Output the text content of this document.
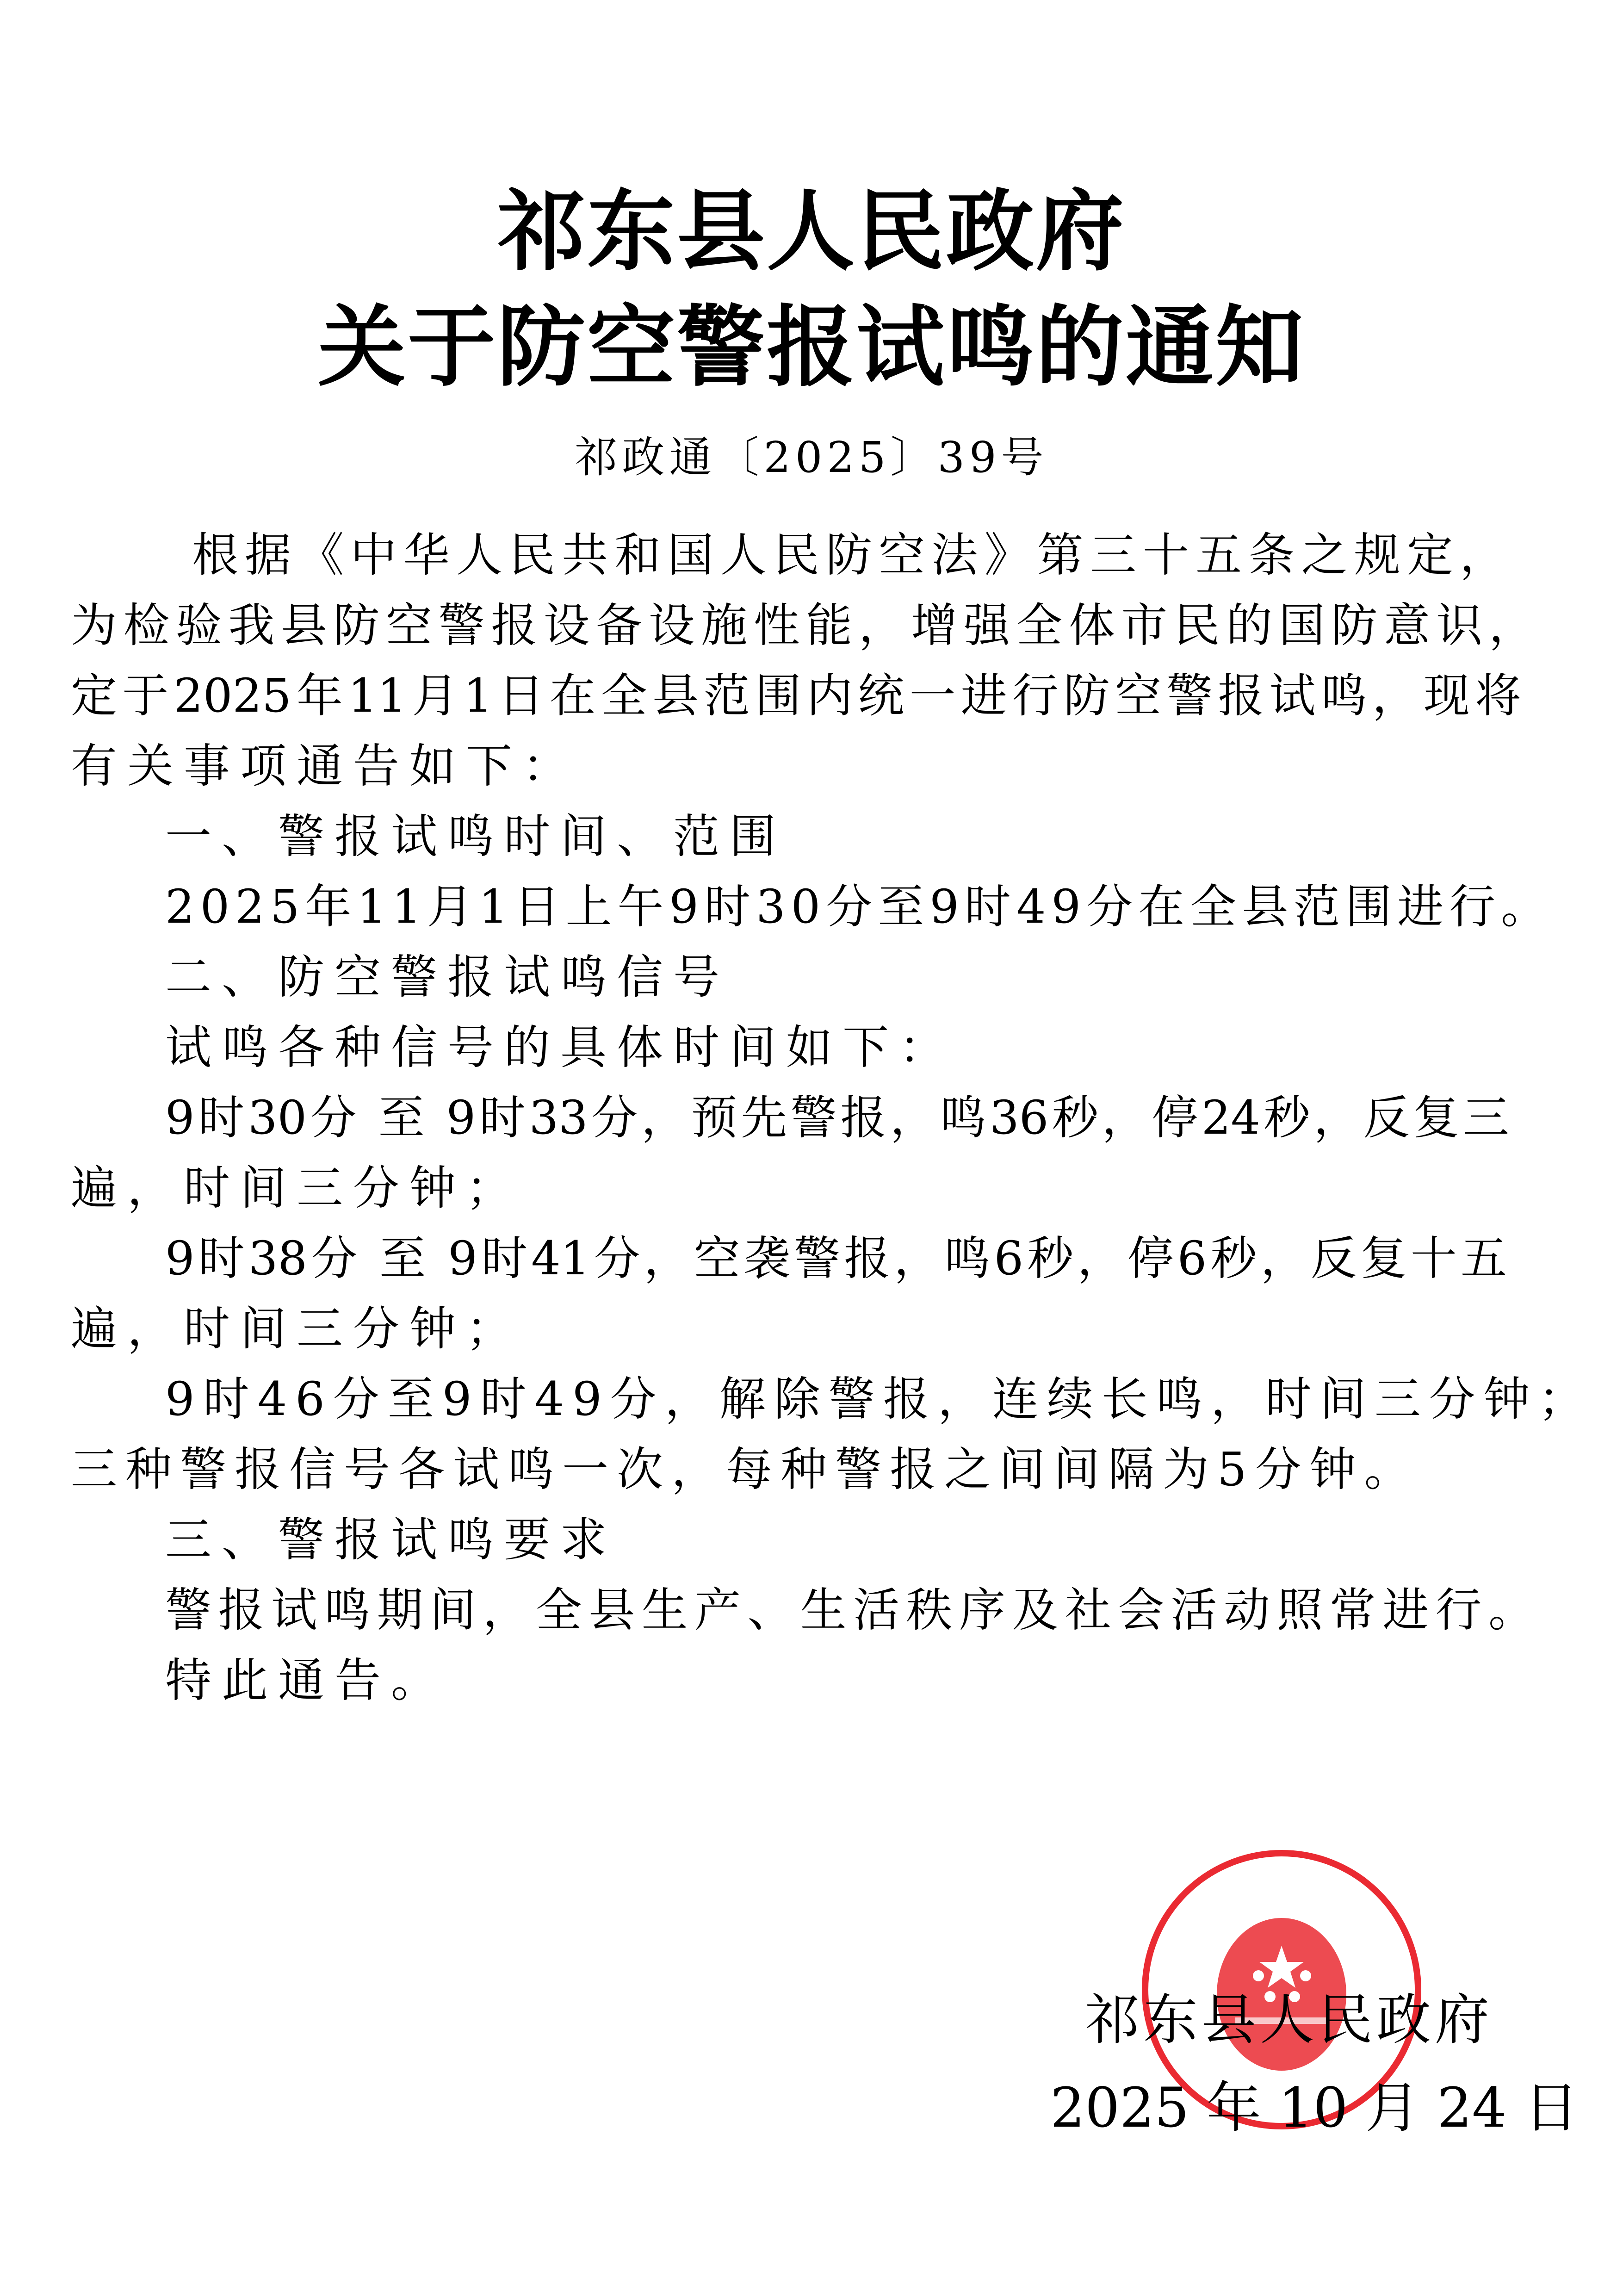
祁东县人民政府
关于防空警报试鸣的通知
祁政通〔2025〕39号
根据《中华人民共和国人民防空法》第三十五条之规定，
为检验我县防空警报设备设施性能，增强全体市民的国防意识，
定于2025年11月1日在全县范围内统一进行防空警报试鸣，现将
有关事项通告如下：
一、警报试鸣时间、范围
2025年11月1日上午9时30分至9时49分在全县范围进行。
二、防空警报试鸣信号
试鸣各种信号的具体时间如下：
9时30分 至 9时33分，预先警报，鸣36秒，停24秒，反复三
遍，时间三分钟；
9时38分 至 9时41分，空袭警报，鸣6秒，停6秒，反复十五
遍，时间三分钟；
9时46分至9时49分，解除警报，连续长鸣，时间三分钟；
三种警报信号各试鸣一次，每种警报之间间隔为5分钟。
三、警报试鸣要求
警报试鸣期间，全县生产、生活秩序及社会活动照常进行。
特此通告。
祁东县人民政府
2025 年 10 月 24 日
